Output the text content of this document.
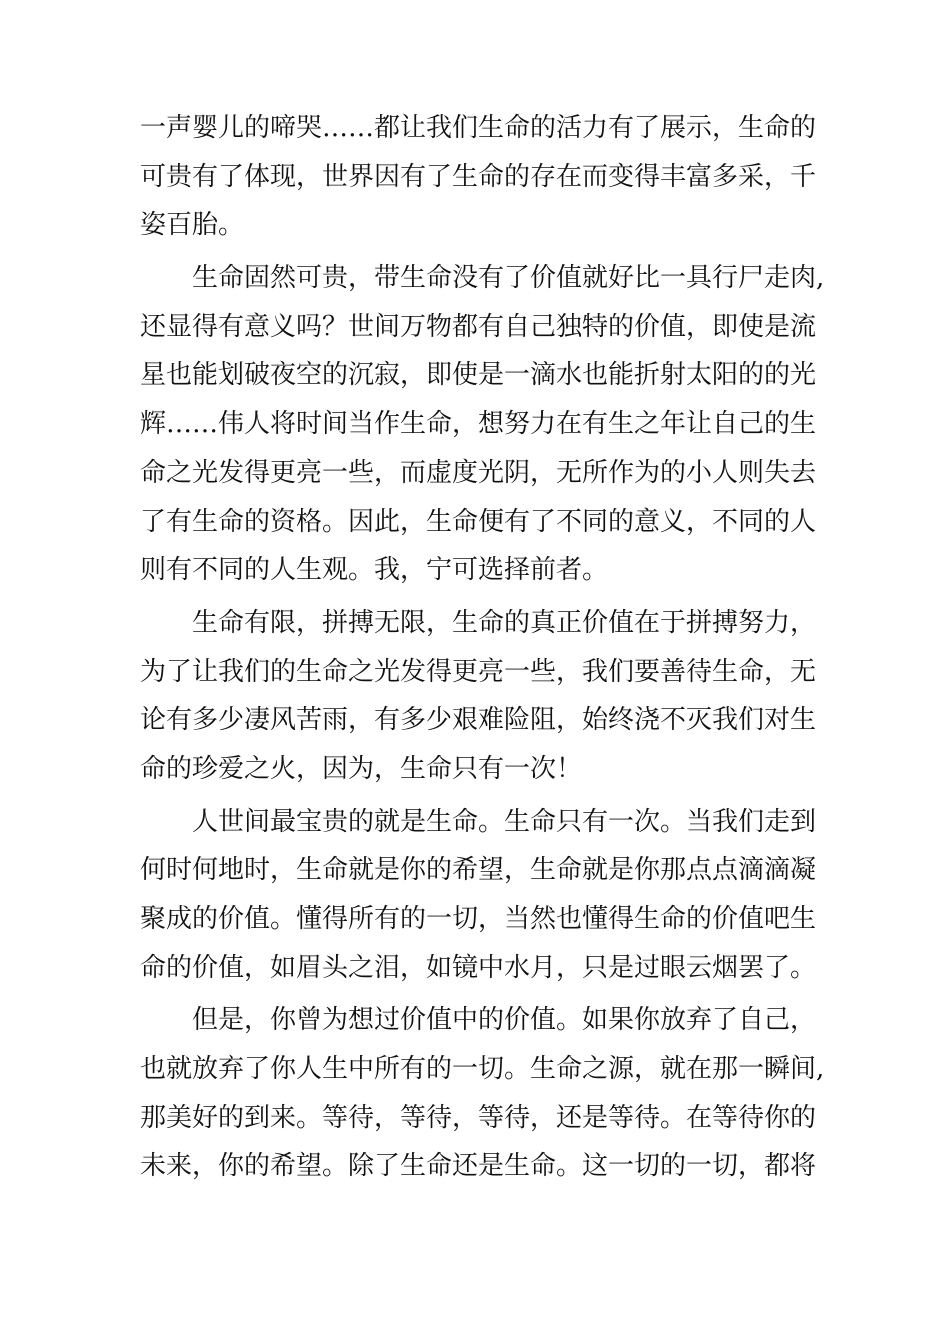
一声婴儿的啼哭……都让我们生命的活力有了展示，生命的
可贵有了体现，世界因有了生命的存在而变得丰富多采，千
姿百胎。
生命固然可贵，带生命没有了价值就好比一具行尸走肉,
还显得有意义吗？世间万物都有自己独特的价值，即使是流
星也能划破夜空的沉寂，即使是一滴水也能折射太阳的的光
辉……伟人将时间当作生命，想努力在有生之年让自己的生
命之光发得更亮一些，而虚度光阴，无所作为的小人则失去
了有生命的资格。因此，生命便有了不同的意义，不同的人
则有不同的人生观。我，宁可选择前者。
生命有限，拼搏无限，生命的真正价值在于拼搏努力，
为了让我们的生命之光发得更亮一些，我们要善待生命，无
论有多少凄风苦雨，有多少艰难险阻，始终浇不灭我们对生
命的珍爱之火，因为，生命只有一次！
人世间最宝贵的就是生命。生命只有一次。当我们走到
何时何地时，生命就是你的希望，生命就是你那点点滴滴凝
聚成的价值。懂得所有的一切，当然也懂得生命的价值吧生
命的价值，如眉头之泪，如镜中水月，只是过眼云烟罢了。
但是，你曾为想过价值中的价值。如果你放弃了自己，
也就放弃了你人生中所有的一切。生命之源，就在那一瞬间,
那美好的到来。等待，等待，等待，还是等待。在等待你的
未来，你的希望。除了生命还是生命。这一切的一切，都将
